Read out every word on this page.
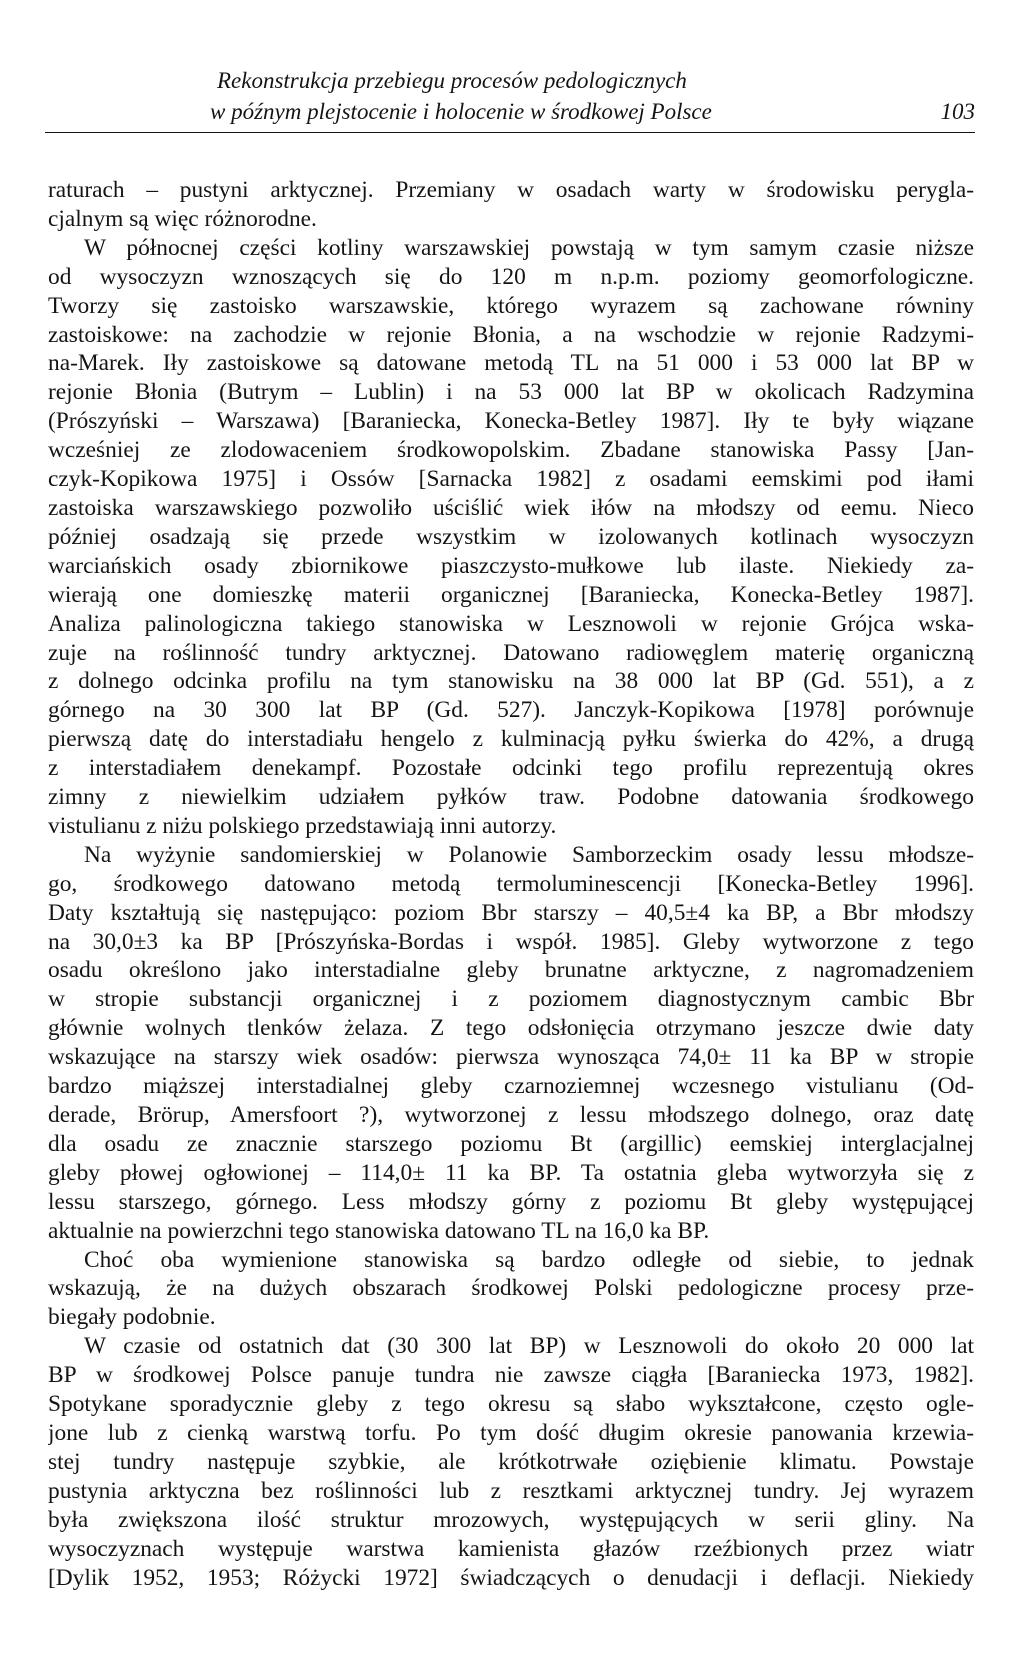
Rekonstrukcja przebiegu procesów pedologicznych
w późnym plejstocenie i holocenie w środkowej Polsce	103
raturach – pustyni arktycznej. Przemiany w osadach warty w środowisku perygla-
cjalnym są więc różnorodne.
W północnej części kotliny warszawskiej powstają w tym samym czasie niższe
od wysoczyzn wznoszących się do 120 m n.p.m. poziomy geomorfologiczne.
Tworzy się zastoisko warszawskie, którego wyrazem są zachowane równiny
zastoiskowe: na zachodzie w rejonie Błonia, a na wschodzie w rejonie Radzymi-
na-Marek. Iły zastoiskowe są datowane metodą TL na 51 000 i 53 000 lat BP w
rejonie Błonia (Butrym – Lublin) i na 53 000 lat BP w okolicach Radzymina
(Prószyński – Warszawa) [Baraniecka, Konecka-Betley 1987]. Iły te były wiązane
wcześniej ze zlodowaceniem środkowopolskim. Zbadane stanowiska Passy [Jan-
czyk-Kopikowa 1975] i Ossów [Sarnacka 1982] z osadami eemskimi pod iłami
zastoiska warszawskiego pozwoliło uściślić wiek iłów na młodszy od eemu. Nieco
później osadzają się przede wszystkim w izolowanych kotlinach wysoczyzn
warciańskich osady zbiornikowe piaszczysto-mułkowe lub ilaste. Niekiedy za-
wierają one domieszkę materii organicznej [Baraniecka, Konecka-Betley 1987].
Analiza palinologiczna takiego stanowiska w Lesznowoli w rejonie Grójca wska-
zuje na roślinność tundry arktycznej. Datowano radiowęglem materię organiczną
z dolnego odcinka profilu na tym stanowisku na 38 000 lat BP (Gd. 551), a z
górnego na 30 300 lat BP (Gd. 527). Janczyk-Kopikowa [1978] porównuje
pierwszą datę do interstadiału hengelo z kulminacją pyłku świerka do 42%, a drugą
z interstadiałem denekampf. Pozostałe odcinki tego profilu reprezentują okres
zimny z niewielkim udziałem pyłków traw. Podobne datowania środkowego
vistulianu z niżu polskiego przedstawiają inni autorzy.
Na wyżynie sandomierskiej w Polanowie Samborzeckim osady lessu młodsze-
go, środkowego datowano metodą termoluminescencji [Konecka-Betley 1996].
Daty kształtują się następująco: poziom Bbr starszy – 40,5±4 ka BP, a Bbr młodszy
na 30,0±3 ka BP [Prószyńska-Bordas i współ. 1985]. Gleby wytworzone z tego
osadu określono jako interstadialne gleby brunatne arktyczne, z nagromadzeniem
w stropie substancji organicznej i z poziomem diagnostycznym cambic Bbr
głównie wolnych tlenków żelaza. Z tego odsłonięcia otrzymano jeszcze dwie daty
wskazujące na starszy wiek osadów: pierwsza wynosząca 74,0± 11 ka BP w stropie
bardzo miąższej interstadialnej gleby czarnoziemnej wczesnego vistulianu (Od-
derade, Brörup, Amersfoort ?), wytworzonej z lessu młodszego dolnego, oraz datę
dla osadu ze znacznie starszego poziomu Bt (argillic) eemskiej interglacjalnej
gleby płowej ogłowionej – 114,0± 11 ka BP. Ta ostatnia gleba wytworzyła się z
lessu starszego, górnego. Less młodszy górny z poziomu Bt gleby występującej
aktualnie na powierzchni tego stanowiska datowano TL na 16,0 ka BP.
Choć oba wymienione stanowiska są bardzo odległe od siebie, to jednak
wskazują, że na dużych obszarach środkowej Polski pedologiczne procesy prze-
biegały podobnie.
W czasie od ostatnich dat (30 300 lat BP) w Lesznowoli do około 20 000 lat
BP w środkowej Polsce panuje tundra nie zawsze ciągła [Baraniecka 1973, 1982].
Spotykane sporadycznie gleby z tego okresu są słabo wykształcone, często ogle-
jone lub z cienką warstwą torfu. Po tym dość długim okresie panowania krzewia-
stej tundry następuje szybkie, ale krótkotrwałe oziębienie klimatu. Powstaje
pustynia arktyczna bez roślinności lub z resztkami arktycznej tundry. Jej wyrazem
była zwiększona ilość struktur mrozowych, występujących w serii gliny. Na
wysoczyznach występuje warstwa kamienista głazów rzeźbionych przez wiatr
[Dylik 1952, 1953; Różycki 1972] świadczących o denudacji i deflacji. Niekiedy
